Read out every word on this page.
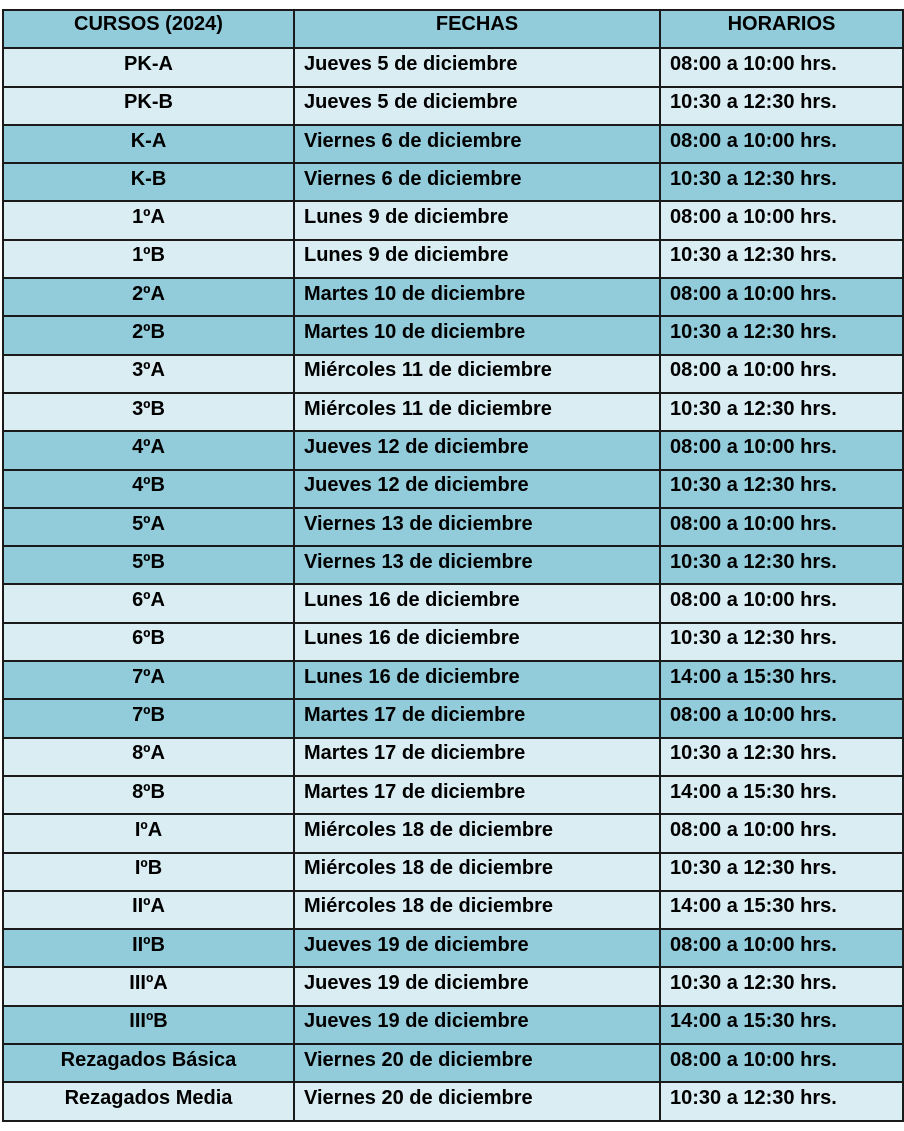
CURSOS (2024)	FECHAS	HORARIOS
PK-A	Jueves 5 de diciembre	08:00 a 10:00 hrs.
PK-B	Jueves 5 de diciembre	10:30 a 12:30 hrs.
K-A	Viernes 6 de diciembre	08:00 a 10:00 hrs.
K-B	Viernes 6 de diciembre	10:30 a 12:30 hrs.
1ºA	Lunes 9 de diciembre	08:00 a 10:00 hrs.
1ºB	Lunes 9 de diciembre	10:30 a 12:30 hrs.
2ºA	Martes 10 de diciembre	08:00 a 10:00 hrs.
2ºB	Martes 10 de diciembre	10:30 a 12:30 hrs.
3ºA	Miércoles 11 de diciembre	08:00 a 10:00 hrs.
3ºB	Miércoles 11 de diciembre	10:30 a 12:30 hrs.
4ºA	Jueves 12 de diciembre	08:00 a 10:00 hrs.
4ºB	Jueves 12 de diciembre	10:30 a 12:30 hrs.
5ºA	Viernes 13 de diciembre	08:00 a 10:00 hrs.
5ºB	Viernes 13 de diciembre	10:30 a 12:30 hrs.
6ºA	Lunes 16 de diciembre	08:00 a 10:00 hrs.
6ºB	Lunes 16 de diciembre	10:30 a 12:30 hrs.
7ºA	Lunes 16 de diciembre	14:00 a 15:30 hrs.
7ºB	Martes 17 de diciembre	08:00 a 10:00 hrs.
8ºA	Martes 17 de diciembre	10:30 a 12:30 hrs.
8ºB	Martes 17 de diciembre	14:00 a 15:30 hrs.
IºA	Miércoles 18 de diciembre	08:00 a 10:00 hrs.
IºB	Miércoles 18 de diciembre	10:30 a 12:30 hrs.
IIºA	Miércoles 18 de diciembre	14:00 a 15:30 hrs.
IIºB	Jueves 19 de diciembre	08:00 a 10:00 hrs.
IIIºA	Jueves 19 de diciembre	10:30 a 12:30 hrs.
IIIºB	Jueves 19 de diciembre	14:00 a 15:30 hrs.
Rezagados Básica	Viernes 20 de diciembre	08:00 a 10:00 hrs.
Rezagados Media	Viernes 20 de diciembre	10:30 a 12:30 hrs.
